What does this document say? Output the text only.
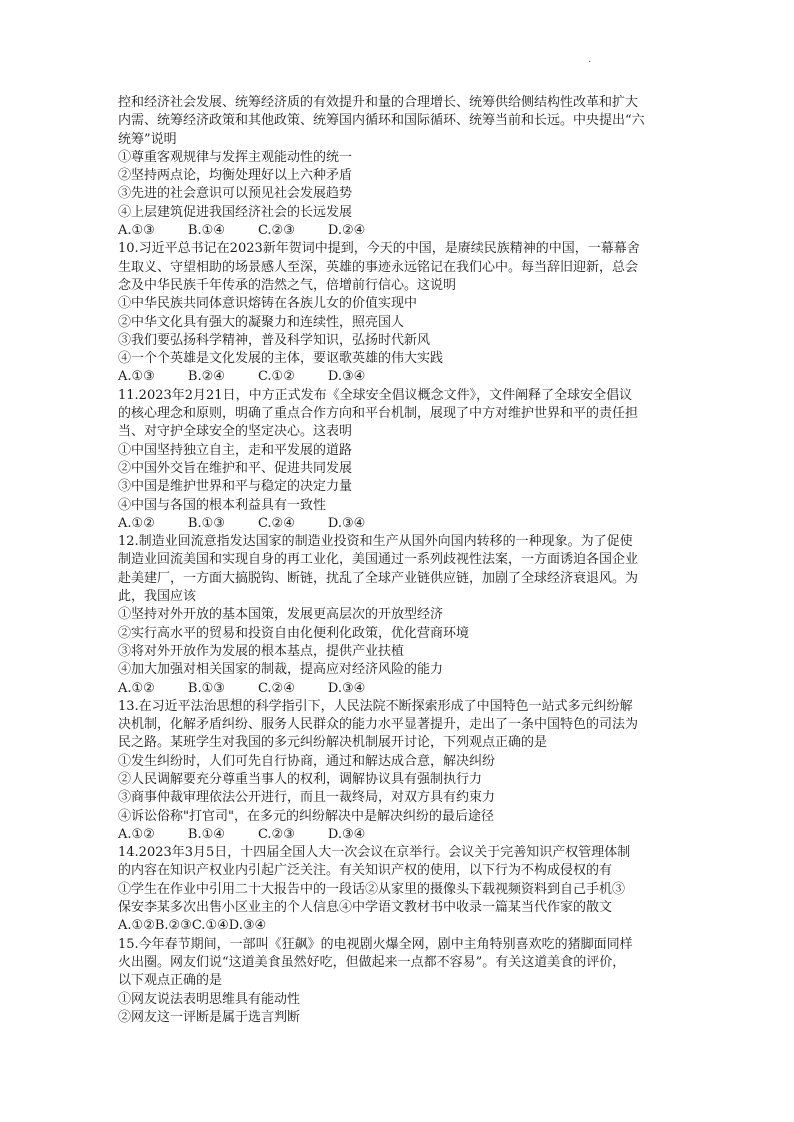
.
控和经济社会发展、统筹经济质的有效提升和量的合理增长、统筹供给侧结构性改革和扩大
内需、统筹经济政策和其他政策、统筹国内循环和国际循环、统筹当前和长远。中央提出“六
统筹”说明
①尊重客观规律与发挥主观能动性的统一
②坚持两点论，均衡处理好以上六种矛盾
③先进的社会意识可以预见社会发展趋势
④上层建筑促进我国经济社会的长远发展
A.①③        B.①④        C.②③        D.②④
10.习近平总书记在2023新年贺词中提到，今天的中国，是赓续民族精神的中国，一幕幕舍
生取义、守望相助的场景感人至深，英雄的事迹永远铭记在我们心中。每当辞旧迎新，总会
念及中华民族千年传承的浩然之气，倍增前行信心。这说明
①中华民族共同体意识熔铸在各族儿女的价值实现中
②中华文化具有强大的凝聚力和连续性，照亮国人
③我们要弘扬科学精神，普及科学知识，弘扬时代新风
④一个个英雄是文化发展的主体，要讴歌英雄的伟大实践
A.①③        B.②④        C.①②        D.③④
11.2023年2月21日，中方正式发布《全球安全倡议概念文件》，文件阐释了全球安全倡议
的核心理念和原则，明确了重点合作方向和平台机制，展现了中方对维护世界和平的责任担
当、对守护全球安全的坚定决心。这表明
①中国坚持独立自主，走和平发展的道路
②中国外交旨在维护和平、促进共同发展
③中国是维护世界和平与稳定的决定力量
④中国与各国的根本利益具有一致性
A.①②        B.①③        C.②④        D.③④
12.制造业回流意指发达国家的制造业投资和生产从国外向国内转移的一种现象。为了促使
制造业回流美国和实现自身的再工业化，美国通过一系列歧视性法案，一方面诱迫各国企业
赴美建厂，一方面大搞脱钩、断链，扰乱了全球产业链供应链，加剧了全球经济衰退风。为
此，我国应该
①坚持对外开放的基本国策，发展更高层次的开放型经济
②实行高水平的贸易和投资自由化便利化政策，优化营商环境
③将对外开放作为发展的根本基点，提供产业扶植
④加大加强对相关国家的制裁，提高应对经济风险的能力
A.①②        B.①③        C.②④        D.③④
13.在习近平法治思想的科学指引下，人民法院不断探索形成了中国特色一站式多元纠纷解
决机制，化解矛盾纠纷、服务人民群众的能力水平显著提升，走出了一条中国特色的司法为
民之路。某班学生对我国的多元纠纷解决机制展开讨论，下列观点正确的是
①发生纠纷时，人们可先自行协商，通过和解达成合意，解决纠纷
②人民调解要充分尊重当事人的权利，调解协议具有强制执行力
③商事仲裁审理依法公开进行，而且一裁终局，对双方具有约束力
④诉讼俗称"打官司"，在多元的纠纷解决中是解决纠纷的最后途径
A.①②        B.①④        C.②③        D.③④
14.2023年3月5日，十四届全国人大一次会议在京举行。会议关于完善知识产权管理体制
的内容在知识产权业内引起广泛关注。有关知识产权的使用，以下行为不构成侵权的有
①学生在作业中引用二十大报告中的一段话②从家里的摄像头下载视频资料到自己手机③
保安李某多次出售小区业主的个人信息④中学语文教材书中收录一篇某当代作家的散文
A.①②B.②③C.①④D.③④
15.今年春节期间，一部叫《狂飙》的电视剧火爆全网，剧中主角特别喜欢吃的猪脚面同样
火出圈。网友们说“这道美食虽然好吃，但做起来一点都不容易”。有关这道美食的评价，
以下观点正确的是
①网友说法表明思维具有能动性
②网友这一评断是属于选言判断
